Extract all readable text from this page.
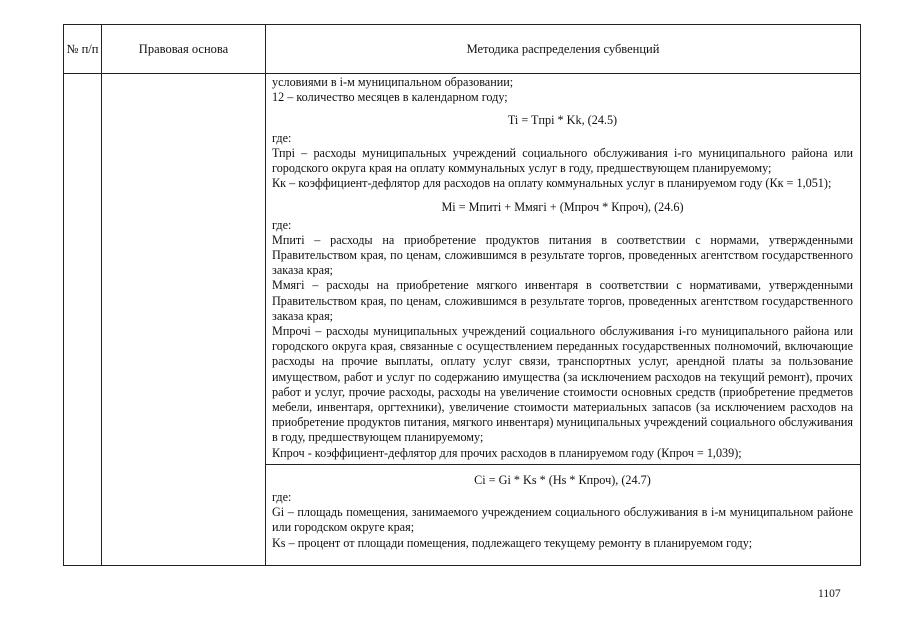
№ п/п	Правовая основа	Методика распределения субвенций

условиями в i-м муниципальном образовании;

12 – количество месяцев в календарном году;

Ti = Tпрi * Kk, (24.5)

где:

Тпрi – расходы муниципальных учреждений социального обслуживания i-го муниципального района или городского округа края на оплату коммунальных услуг в году, предшествующем планируемому;

Кк – коэффициент-дефлятор для расходов на оплату коммунальных услуг в планируемом году (Кк = 1,051);

Мi = Мпиті + Ммягі + (Мпроч * Кпроч), (24.6)

где:

Мпиті – расходы на приобретение продуктов питания в соответствии с нормами, утвержденными Правительством края, по ценам, сложившимся в результате торгов, проведенных агентством государственного заказа края;

Ммягі – расходы на приобретение мягкого инвентаря в соответствии с нормативами, утвержденными Правительством края, по ценам, сложившимся в результате торгов, проведенных агентством государственного заказа края;

Мпрочі – расходы муниципальных учреждений социального обслуживания i-го муниципального района или городского округа края, связанные с осуществлением переданных государственных полномочий, включающие расходы на прочие выплаты, оплату услуг связи, транспортных услуг, арендной платы за пользование имуществом, работ и услуг по содержанию имущества (за исключением расходов на текущий ремонт), прочих работ и услуг, прочие расходы, расходы на увеличение стоимости основных средств (приобретение предметов мебели, инвентаря, оргтехники), увеличение стоимости материальных запасов (за исключением расходов на приобретение продуктов питания, мягкого инвентаря) муниципальных учреждений социального обслуживания в году, предшествующем планируемому;

Кпроч - коэффициент-дефлятор для прочих расходов в планируемом году (Кпроч = 1,039);

Сi = Gi * Ks * (Hs * Кпроч), (24.7)

где:

Gi – площадь помещения, занимаемого учреждением социального обслуживания в i-м муниципальном районе или городском округе края;

Ks – процент от площади помещения, подлежащего текущему ремонту в планируемом году;

1107
